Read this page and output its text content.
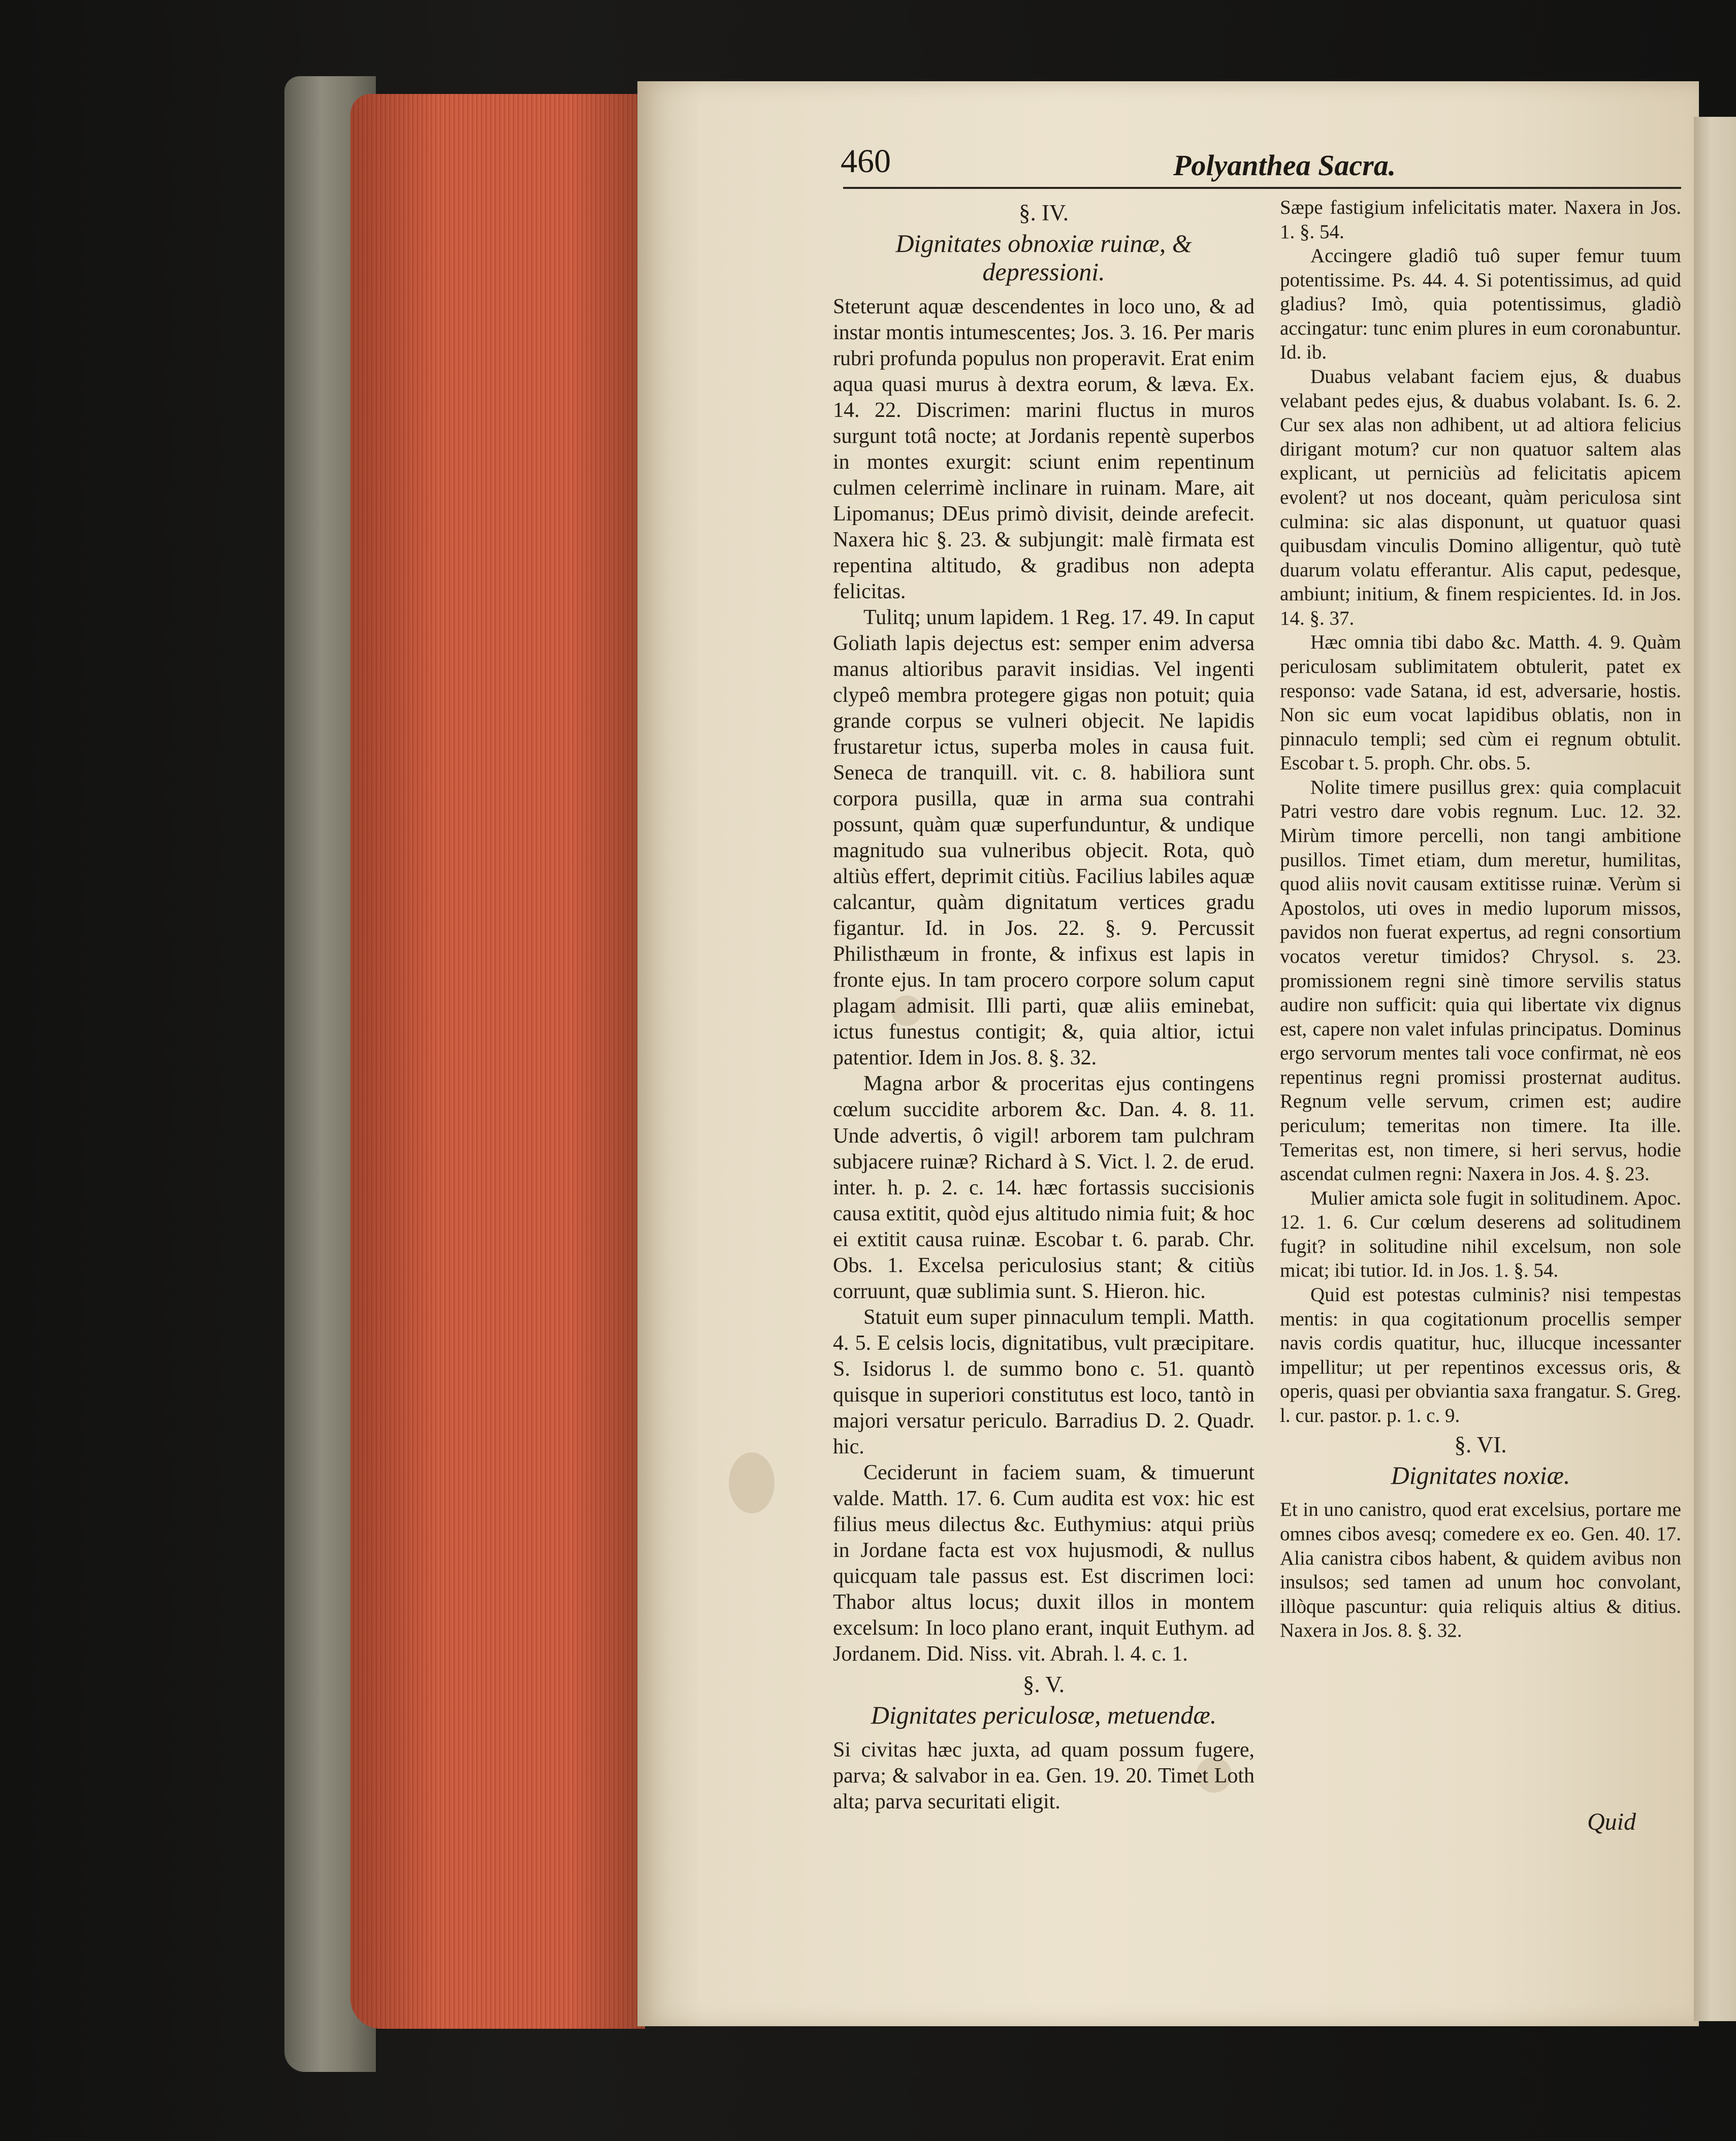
460	Polyanthea Sacra.
§. IV.
Dignitates obnoxiæ ruinæ, & depressioni.

Steterunt aquæ descendentes in loco uno, & ad instar montis intumescentes; Jos. 3. 16. Per maris rubri profunda populus non properavit. Erat enim aqua quasi murus à dextra eorum, & læva. Ex. 14. 22. Discrimen: marini fluctus in muros surgunt totâ nocte; at Jordanis repentè superbos in montes exurgit: sciunt enim repentinum culmen celerrimè inclinare in ruinam. Mare, ait Lipomanus; DEus primò divisit, deinde arefecit. Naxera hic §. 23. & subjungit: malè firmata est repentina altitudo, & gradibus non adepta felicitas.

Tulitq; unum lapidem. 1 Reg. 17. 49. In caput Goliath lapis dejectus est: semper enim adversa manus altioribus paravit insidias. Vel ingenti clypeô membra protegere gigas non potuit; quia grande corpus se vulneri objecit. Ne lapidis frustaretur ictus, superba moles in causa fuit. Seneca de tranquill. vit. c. 8. habiliora sunt corpora pusilla, quæ in arma sua contrahi possunt, quàm quæ superfunduntur, & undique magnitudo sua vulneribus objecit. Rota, quò altiùs effert, deprimit citiùs. Facilius labiles aquæ calcantur, quàm dignitatum vertices gradu figantur. Id. in Jos. 22. §. 9. Percussit Philisthæum in fronte, & infixus est lapis in fronte ejus. In tam procero corpore solum caput plagam admisit. Illi parti, quæ aliis eminebat, ictus funestus contigit; &, quia altior, ictui patentior. Idem in Jos. 8. §. 32.

Magna arbor & proceritas ejus contingens cœlum succidite arborem &c. Dan. 4. 8. 11. Unde advertis, ô vigil! arborem tam pulchram subjacere ruinæ? Richard à S. Vict. l. 2. de erud. inter. h. p. 2. c. 14. hæc fortassis succisionis causa extitit, quòd ejus altitudo nimia fuit; & hoc ei extitit causa ruinæ. Escobar t. 6. parab. Chr. Obs. 1. Excelsa periculosius stant; & citiùs corruunt, quæ sublimia sunt. S. Hieron. hic.

Statuit eum super pinnaculum templi. Matth. 4. 5. E celsis locis, dignitatibus, vult præcipitare. S. Isidorus l. de summo bono c. 51. quantò quisque in superiori constitutus est loco, tantò in majori versatur periculo. Barradius D. 2. Quadr. hic.

Ceciderunt in faciem suam, & timuerunt valde. Matth. 17. 6. Cum audita est vox: hic est filius meus dilectus &c. Euthymius: atqui priùs in Jordane facta est vox hujusmodi, & nullus quicquam tale passus est. Est discrimen loci: Thabor altus locus; duxit illos in montem excelsum: In loco plano erant, inquit Euthym. ad Jordanem. Did. Niss. vit. Abrah. l. 4. c. 1.

§. V.
Dignitates periculosæ, metuendæ.

Si civitas hæc juxta, ad quam possum fugere, parva; & salvabor in ea. Gen. 19. 20. Timet Loth alta; parva securitati eligit.

Sæpe fastigium infelicitatis mater. Naxera in Jos. 1. §. 54.

Accingere gladiô tuô super femur tuum potentissime. Ps. 44. 4. Si potentissimus, ad quid gladius? Imò, quia potentissimus, gladiò accingatur: tunc enim plures in eum coronabuntur. Id. ib.

Duabus velabant faciem ejus, & duabus velabant pedes ejus, & duabus volabant. Is. 6. 2. Cur sex alas non adhibent, ut ad altiora felicius dirigant motum? cur non quatuor saltem alas explicant, ut perniciùs ad felicitatis apicem evolent? ut nos doceant, quàm periculosa sint culmina: sic alas disponunt, ut quatuor quasi quibusdam vinculis Domino alligentur, quò tutè duarum volatu efferantur. Alis caput, pedesque, ambiunt; initium, & finem respicientes. Id. in Jos. 14. §. 37.

Hæc omnia tibi dabo &c. Matth. 4. 9. Quàm periculosam sublimitatem obtulerit, patet ex responso: vade Satana, id est, adversarie, hostis. Non sic eum vocat lapidibus oblatis, non in pinnaculo templi; sed cùm ei regnum obtulit. Escobar t. 5. proph. Chr. obs. 5.

Nolite timere pusillus grex: quia complacuit Patri vestro dare vobis regnum. Luc. 12. 32. Mirùm timore percelli, non tangi ambitione pusillos. Timet etiam, dum meretur, humilitas, quod aliis novit causam extitisse ruinæ. Verùm si Apostolos, uti oves in medio luporum missos, pavidos non fuerat expertus, ad regni consortium vocatos veretur timidos? Chrysol. s. 23. promissionem regni sinè timore servilis status audire non sufficit: quia qui libertate vix dignus est, capere non valet infulas principatus. Dominus ergo servorum mentes tali voce confirmat, nè eos repentinus regni promissi prosternat auditus. Regnum velle servum, crimen est; audire periculum; temeritas non timere. Ita ille. Temeritas est, non timere, si heri servus, hodie ascendat culmen regni: Naxera in Jos. 4. §. 23.

Mulier amicta sole fugit in solitudinem. Apoc. 12. 1. 6. Cur cœlum deserens ad solitudinem fugit? in solitudine nihil excelsum, non sole micat; ibi tutior. Id. in Jos. 1. §. 54.

Quid est potestas culminis? nisi tempestas mentis: in qua cogitationum procellis semper navis cordis quatitur, huc, illucque incessanter impellitur; ut per repentinos excessus oris, & operis, quasi per obviantia saxa frangatur. S. Greg. l. cur. pastor. p. 1. c. 9.

§. VI.
Dignitates noxiæ.

Et in uno canistro, quod erat excelsius, portare me omnes cibos avesq; comedere ex eo. Gen. 40. 17. Alia canistra cibos habent, & quidem avibus non insulsos; sed tamen ad unum hoc convolant, illòque pascuntur: quia reliquis altius & ditius. Naxera in Jos. 8. §. 32.

Quid
